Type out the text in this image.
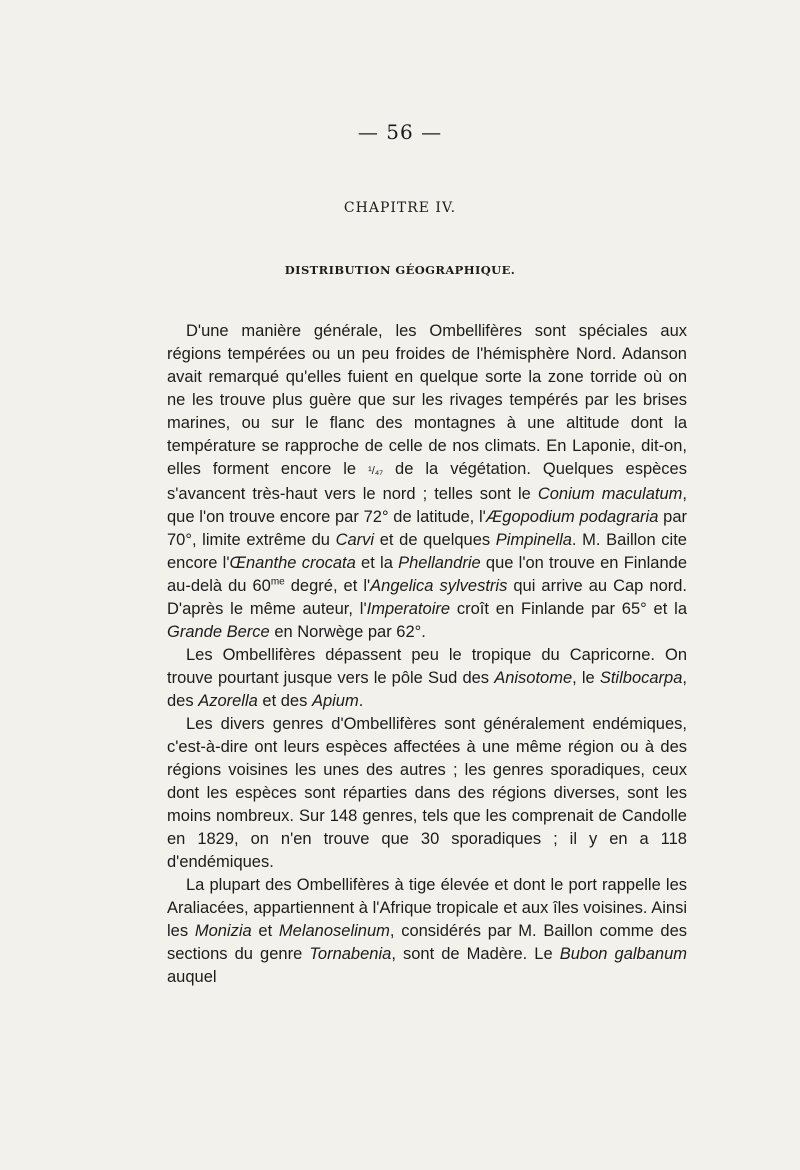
— 56 —
CHAPITRE IV.
DISTRIBUTION GÉOGRAPHIQUE.

D'une manière générale, les Ombellifères sont spéciales aux régions tempérées ou un peu froides de l'hémisphère Nord. Adanson avait remarqué qu'elles fuient en quelque sorte la zone torride où on ne les trouve plus guère que sur les rivages tempérés par les brises marines, ou sur le flanc des montagnes à une altitude dont la température se rapproche de celle de nos climats. En Laponie, dit-on, elles forment encore le ¹/₄₇ de la végétation. Quelques espèces s'avancent très-haut vers le nord ; telles sont le Conium maculatum, que l'on trouve encore par 72° de latitude, l'Ægopodium podagraria par 70°, limite extrême du Carvi et de quelques Pimpinella. M. Baillon cite encore l'Œnanthe crocata et la Phellandrie que l'on trouve en Finlande au-delà du $60^{me}$ degré, et l'Angelica sylvestris qui arrive au Cap nord. D'après le même auteur, l'Imperatoire croît en Finlande par 65° et la Grande Berce en Norwège par 62°.

Les Ombellifères dépassent peu le tropique du Capricorne. On trouve pourtant jusque vers le pôle Sud des Anisotome, le Stilbocarpa, des Azorella et des Apium.

Les divers genres d'Ombellifères sont généralement endémiques, c'est-à-dire ont leurs espèces affectées à une même région ou à des régions voisines les unes des autres ; les genres sporadiques, ceux dont les espèces sont réparties dans des régions diverses, sont les moins nombreux. Sur 148 genres, tels que les comprenait de Candolle en 1829, on n'en trouve que 30 sporadiques ; il y en a 118 d'endémiques.

La plupart des Ombellifères à tige élevée et dont le port rappelle les Araliacées, appartiennent à l'Afrique tropicale et aux îles voisines. Ainsi les Monizia et Melanoselinum, considérés par M. Baillon comme des sections du genre Tornabenia, sont de Madère. Le Bubon galbanum auquel
